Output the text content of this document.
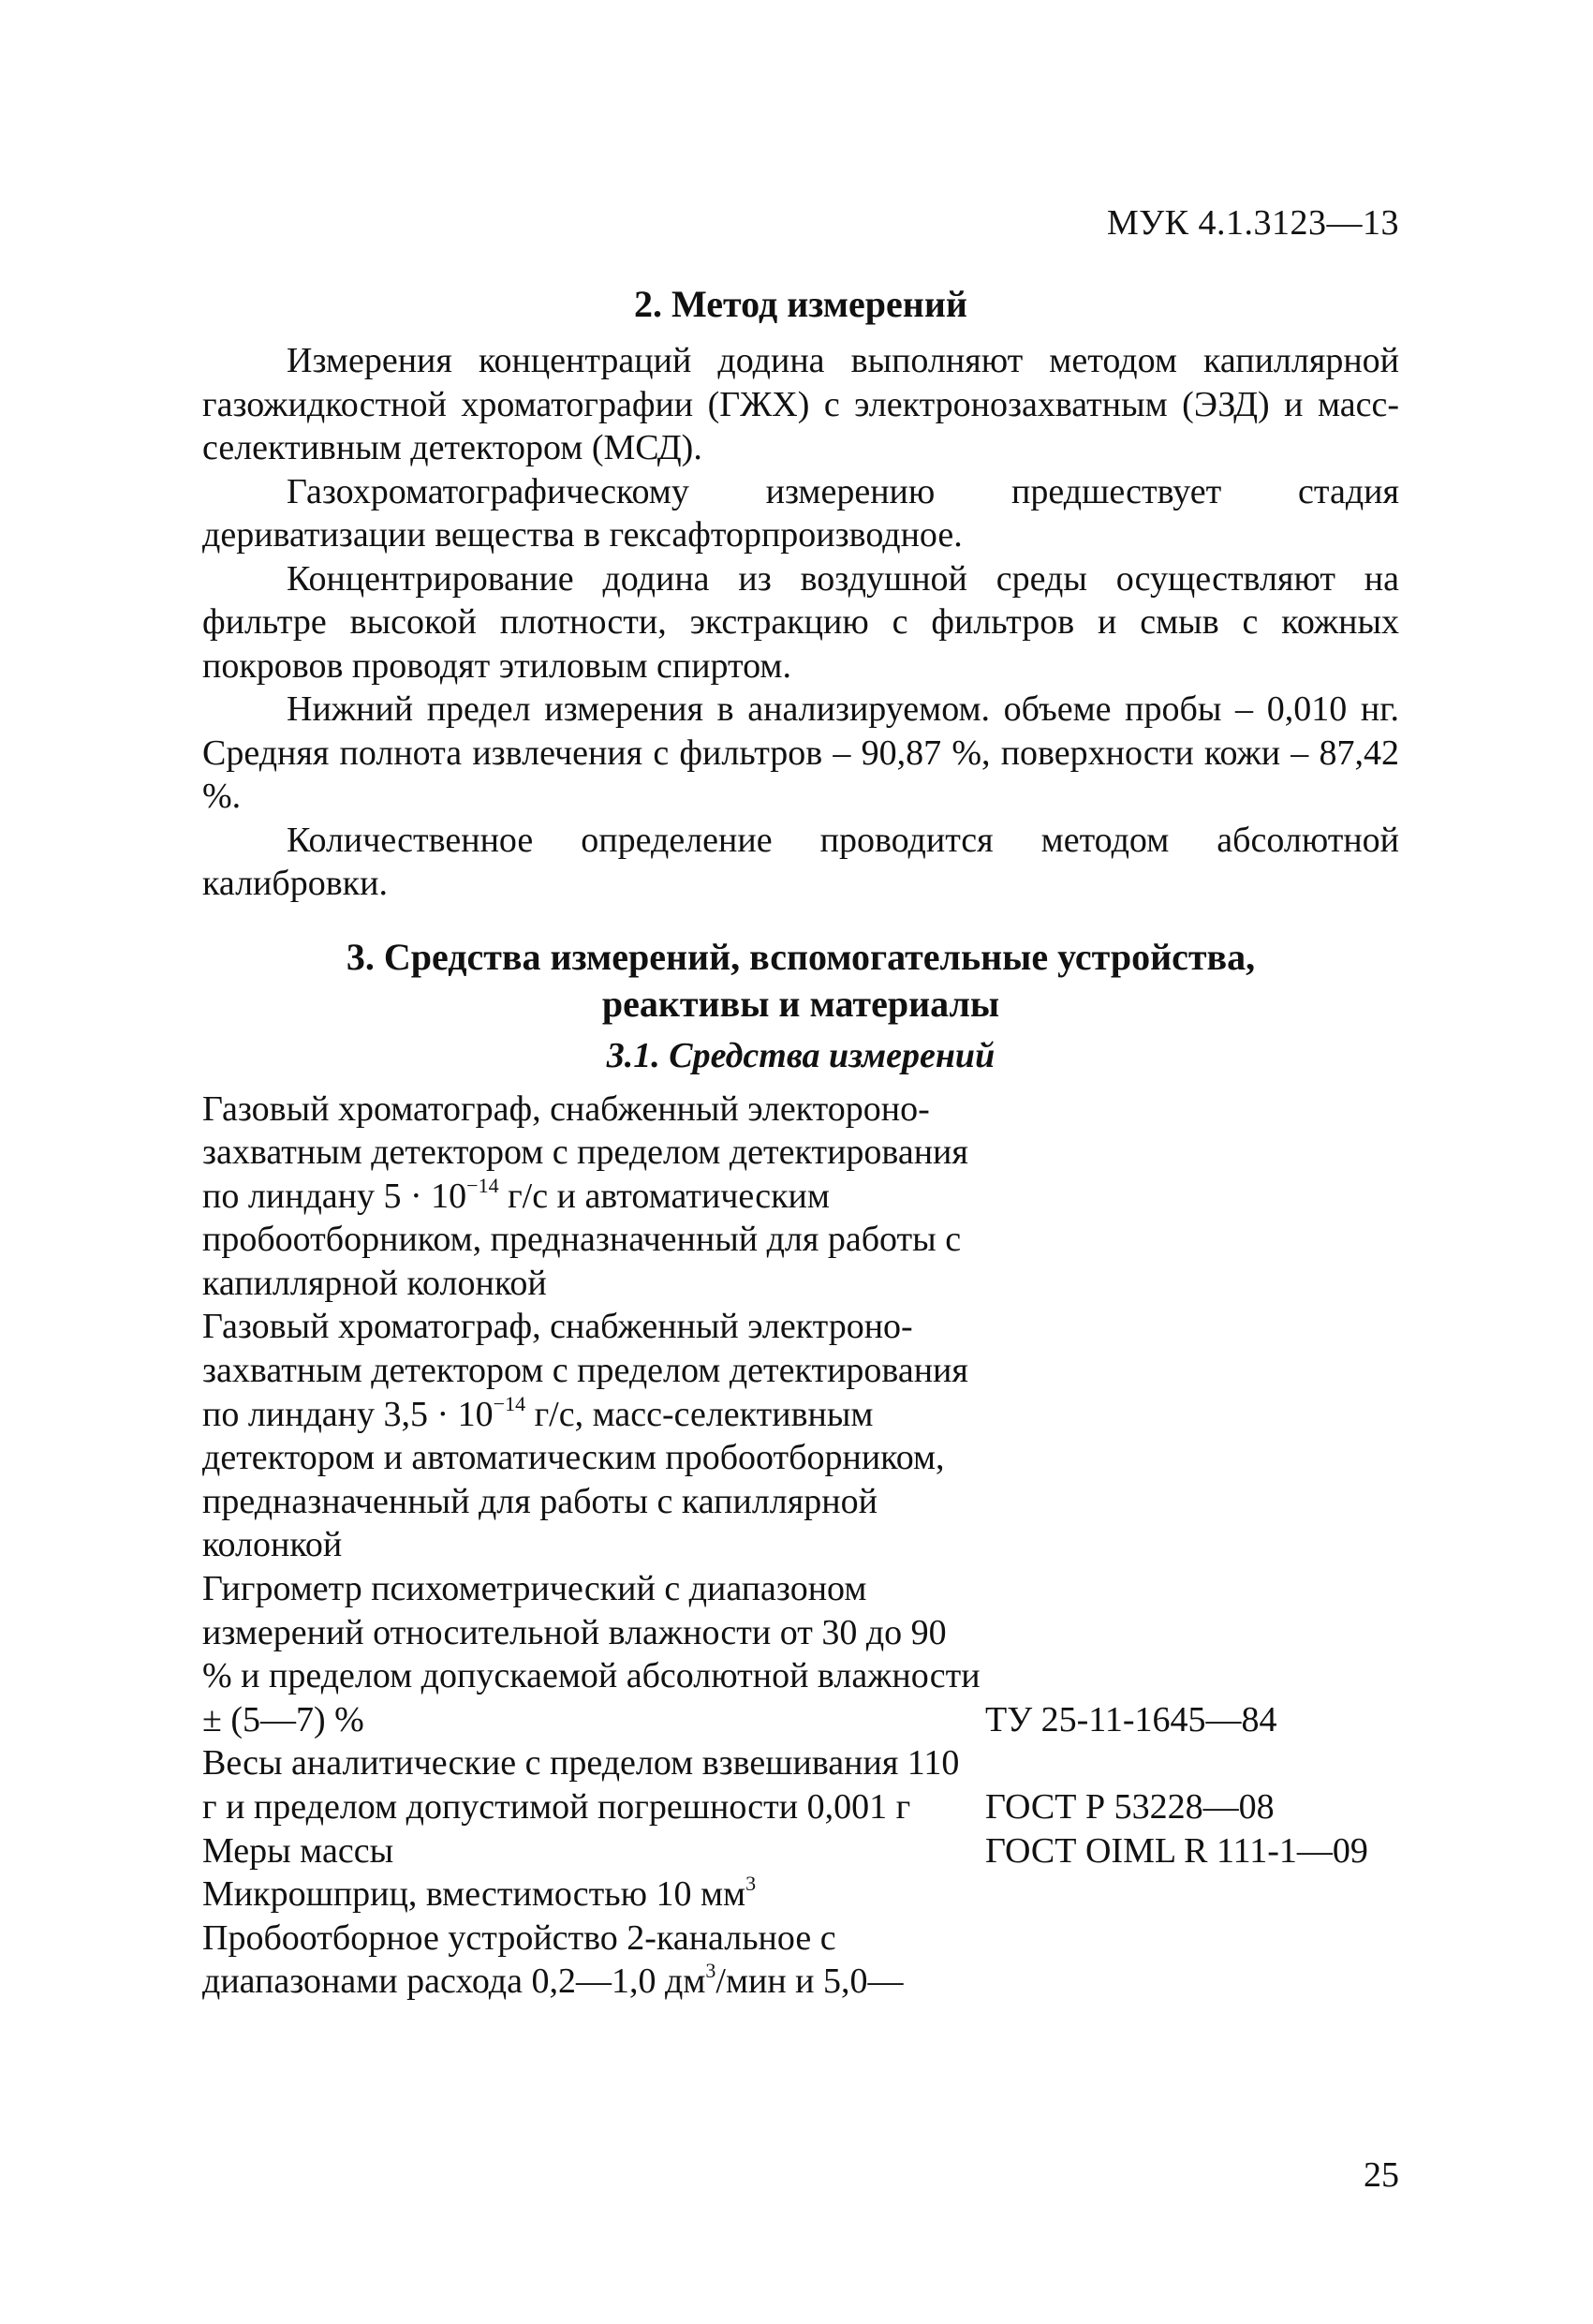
МУК 4.1.3123—13
2. Метод измерений

Измерения концентраций додина выполняют методом капиллярной газожидкостной хроматографии (ГЖХ) с электронозахватным (ЭЗД) и масс-селективным детектором (МСД).

Газохроматографическому измерению предшествует стадия дериватизации вещества в гексафторпроизводное.

Концентрирование додина из воздушной среды осуществляют на фильтре высокой плотности, экстракцию с фильтров и смыв с кожных покровов проводят этиловым спиртом.

Нижний предел измерения в анализируемом. объеме пробы – 0,010 нг. Средняя полнота извлечения с фильтров – 90,87 %, поверхности кожи – 87,42 %.

Количественное определение проводится методом абсолютной калибровки.

3. Средства измерений, вспомогательные устройства,
реактивы и материалы
3.1. Средства измерений
Газовый хроматограф, снабженный электоронозахватным детектором с пределом детектирования по линдану $5 \cdot 10^{-14}$ г/с и автоматическим пробоотборником, предназначенный для работы с капиллярной колонкой
Газовый хроматограф, снабженный электронозахватным детектором с пределом детектирования по линдану $3,5 \cdot 10^{-14}$ г/с, масс-селективным детектором и автоматическим пробоотборником, предназначенный для работы с капиллярной колонкой
Гигрометр психометрический с диапазоном измерений относительной влажности от 30 до 90 % и пределом допускаемой абсолютной влажности ± (5—7) %	ТУ 25-11-1645—84
Весы аналитические с пределом взвешивания 110 г и пределом допустимой погрешности 0,001 г	ГОСТ Р 53228—08
Меры массы	ГОСТ OIML R 111-1—09
Микрошприц, вместимостью 10 $мм^3$
Пробоотборное устройство 2-канальное с диапазонами расхода 0,2—1,0 $дм^3$/мин и 5,0—
25
